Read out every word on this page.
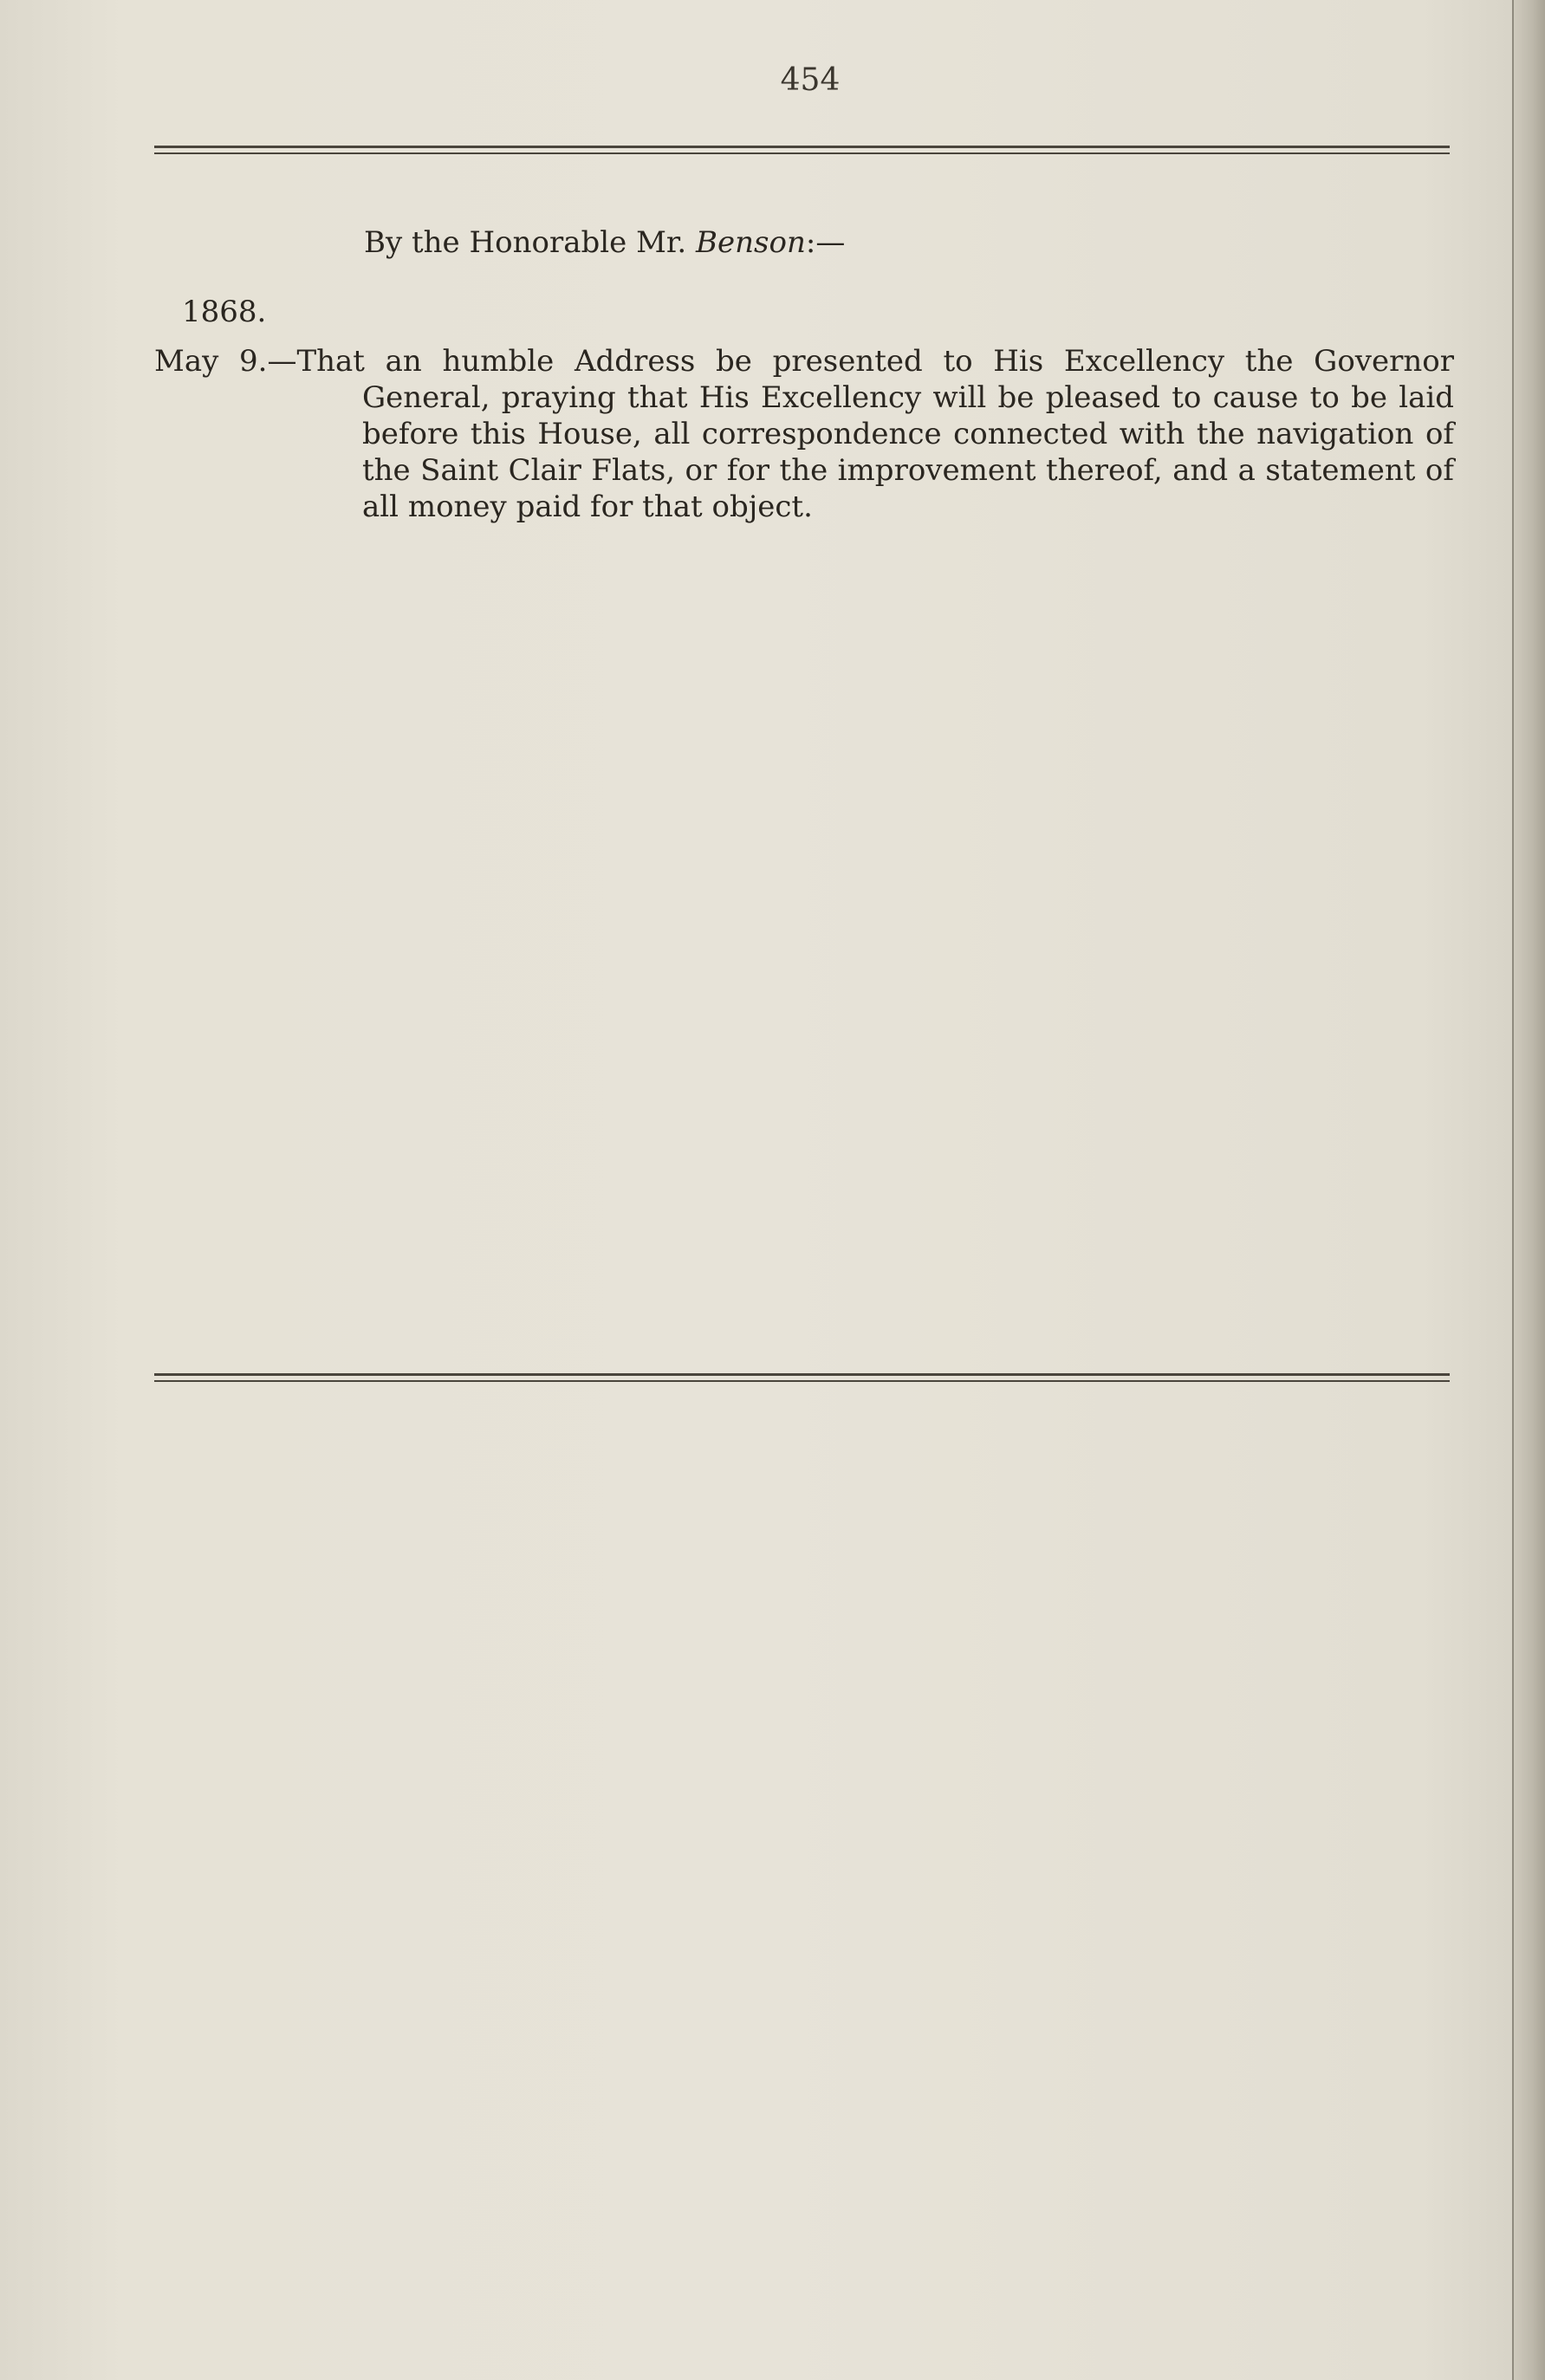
454
By the Honorable Mr. Benson:—
1868.
May 9.—That an humble Address be presented to His Excellency the Governor General, praying that His Excellency will be pleased to cause to be laid before this House, all correspondence connected with the navigation of the Saint Clair Flats, or for the improvement thereof, and a statement of all money paid for that object.
